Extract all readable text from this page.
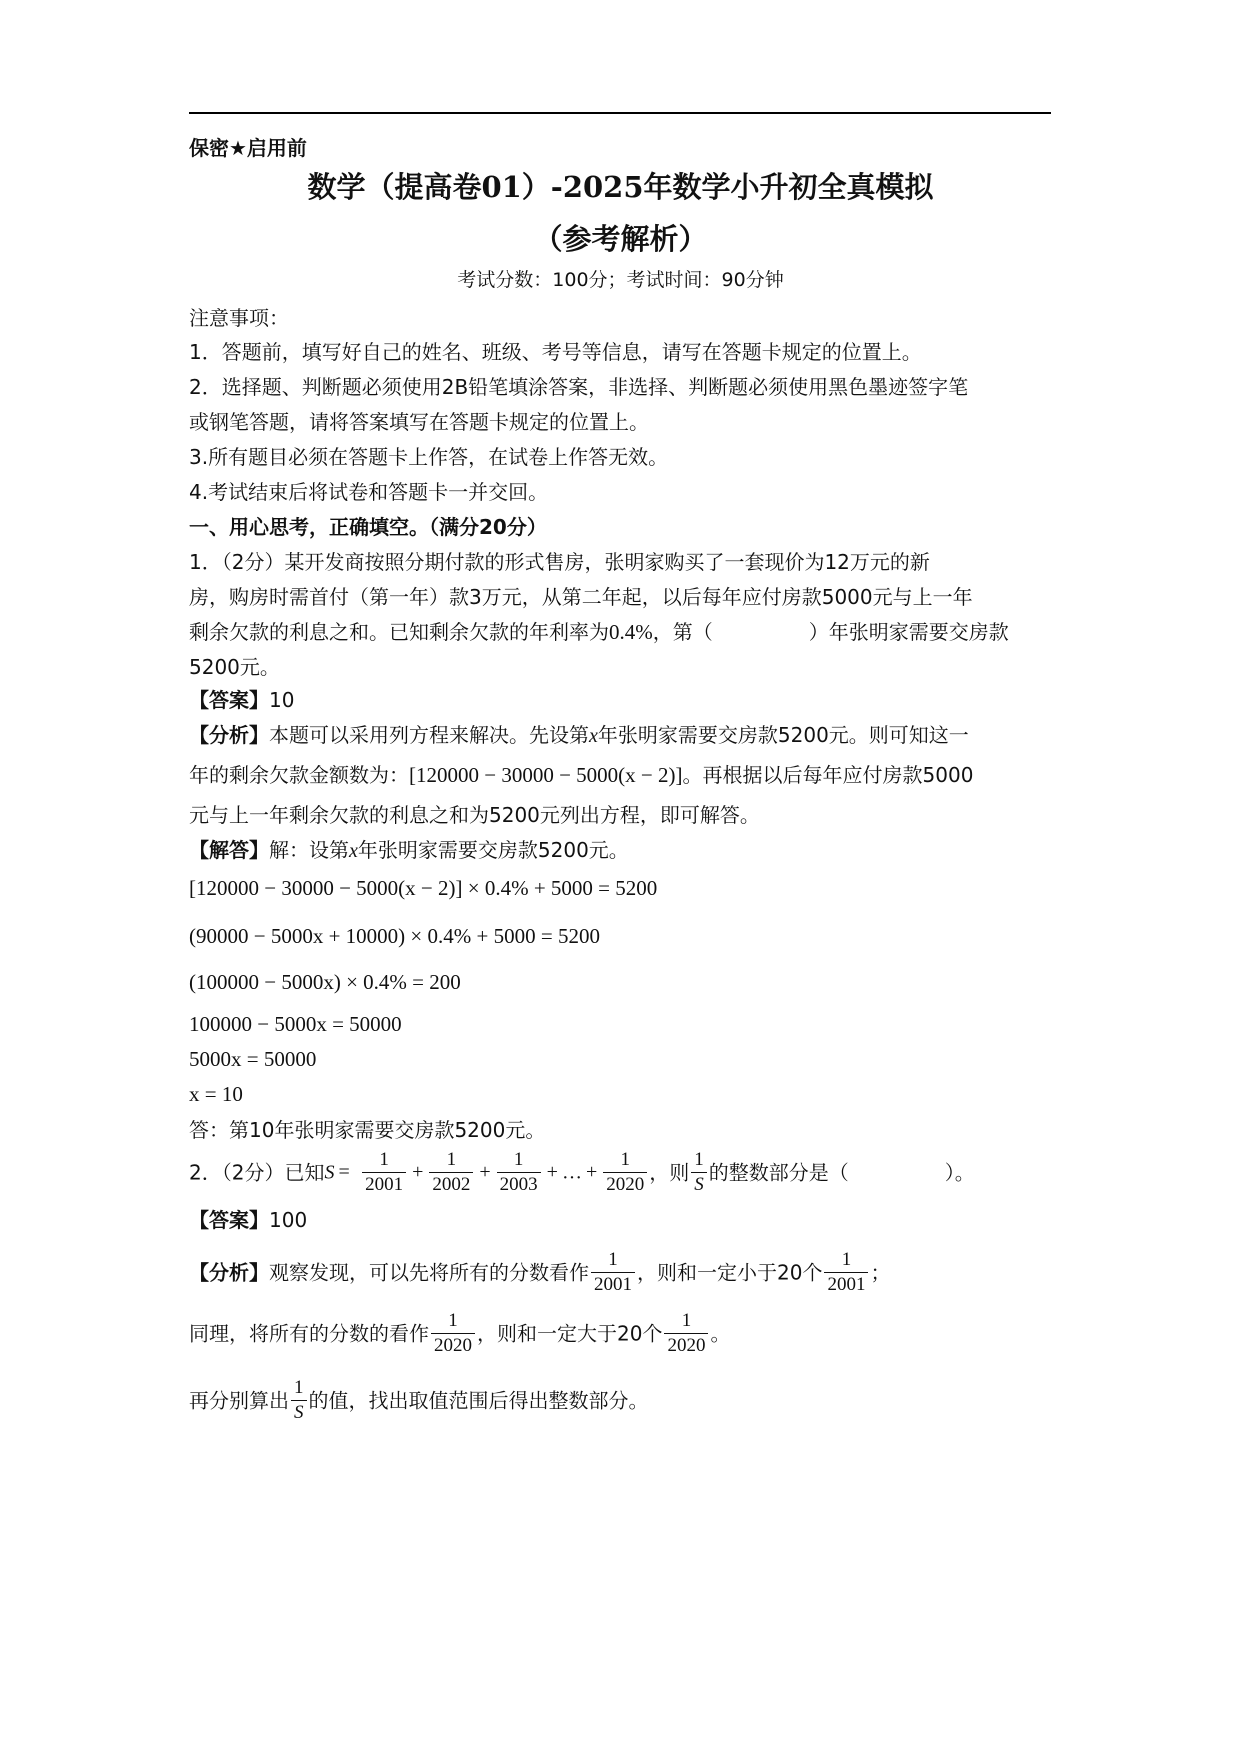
保密★启用前
数学（提高卷01）-2025年数学小升初全真模拟
（参考解析）
考试分数：100分；考试时间：90分钟
注意事项：
1．答题前，填写好自己的姓名、班级、考号等信息，请写在答题卡规定的位置上。
2．选择题、判断题必须使用2B铅笔填涂答案，非选择、判断题必须使用黑色墨迹签字笔
或钢笔答题，请将答案填写在答题卡规定的位置上。
3.所有题目必须在答题卡上作答，在试卷上作答无效。
4.考试结束后将试卷和答题卡一并交回。
一、用心思考，正确填空。（满分20分）
1．（2分）某开发商按照分期付款的形式售房，张明家购买了一套现价为12万元的新
房，购房时需首付（第一年）款3万元，从第二年起，以后每年应付房款5000元与上一年
剩余欠款的利息之和。已知剩余欠款的年利率为0.4%，第（	）年张明家需要交房款
5200元。
【答案】10
【分析】本题可以采用列方程来解决。先设第x年张明家需要交房款5200元。则可知这一
年的剩余欠款金额数为：[120000 − 30000 − 5000(x − 2)]。再根据以后每年应付房款5000
元与上一年剩余欠款的利息之和为5200元列出方程，即可解答。
【解答】解：设第x年张明家需要交房款5200元。
[120000 − 30000 − 5000(x − 2)] × 0.4% + 5000 = 5200
(90000 − 5000x + 10000) × 0.4% + 5000 = 5200
(100000 − 5000x) × 0.4% = 200
100000 − 5000x = 50000
5000x = 50000
x = 10
答：第10年张明家需要交房款5200元。
2．（2分）已知$S = \frac{1}{2001} + \frac{1}{2002} + \frac{1}{2003}$ + … + $\frac{1}{2020}$ ，则 $\frac{1}{S}$ 的整数部分是（	）。
【答案】100
【分析】观察发现，可以先将所有的分数看作 $\frac{1}{2001}$ ，则和一定小于20个 $\frac{1}{2001}$ ；
同理，将所有的分数的看作 $\frac{1}{2020}$ ，则和一定大于20个 $\frac{1}{2020}$ 。
再分别算出 $\frac{1}{S}$ 的值，找出取值范围后得出整数部分。
